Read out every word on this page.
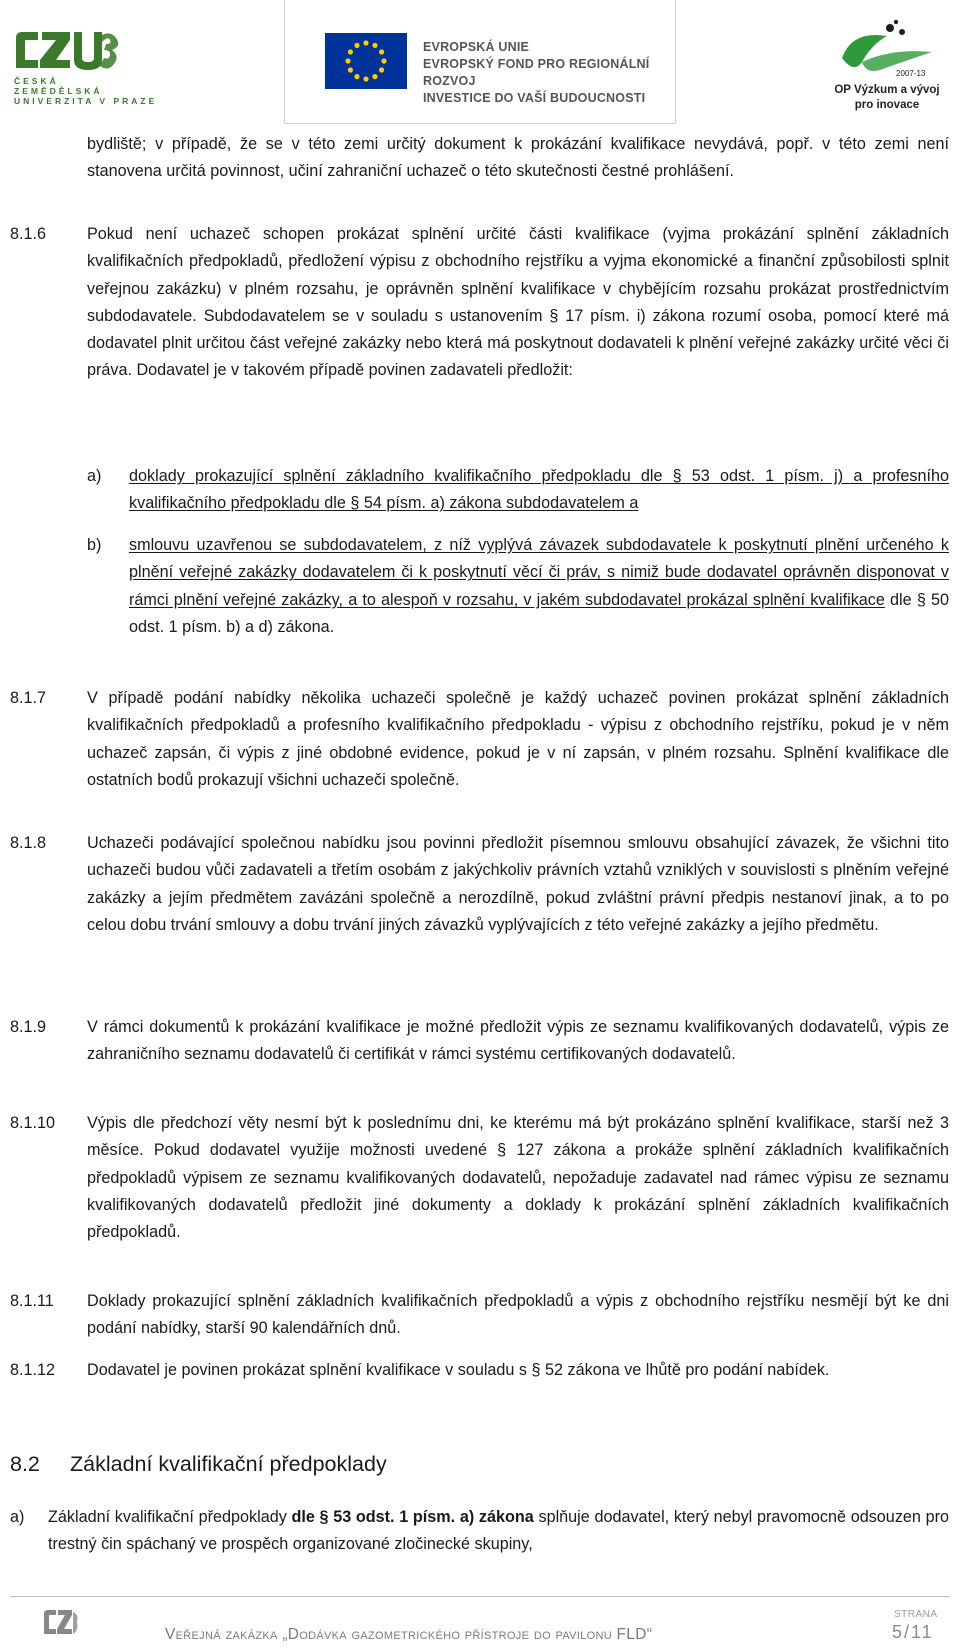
ČESKÁ
ZEMĚDĚLSKÁ
UNIVERZITA V PRAZE
EVROPSKÁ UNIE
EVROPSKÝ FOND PRO REGIONÁLNÍ ROZVOJ
INVESTICE DO VAŠÍ BUDOUCNOSTI
2007-13
OP Výzkum a vývoj
pro inovace

bydliště; v případě, že se v této zemi určitý dokument k prokázání kvalifikace nevydává, popř. v této zemi není stanovena určitá povinnost, učiní zahraniční uchazeč o této skutečnosti čestné prohlášení.

8.1.6	Pokud není uchazeč schopen prokázat splnění určité části kvalifikace (vyjma prokázání splnění základních kvalifikačních předpokladů, předložení výpisu z obchodního rejstříku a vyjma ekonomické a finanční způsobilosti splnit veřejnou zakázku) v plném rozsahu, je oprávněn splnění kvalifikace v chybějícím rozsahu prokázat prostřednictvím subdodavatele. Subdodavatelem se v souladu s ustanovením § 17 písm. i) zákona rozumí osoba, pomocí které má dodavatel plnit určitou část veřejné zakázky nebo která má poskytnout dodavateli k plnění veřejné zakázky určité věci či práva. Dodavatel je v takovém případě povinen zadavateli předložit:

a) doklady prokazující splnění základního kvalifikačního předpokladu dle § 53 odst. 1 písm. j) a profesního kvalifikačního předpokladu dle § 54 písm. a) zákona subdodavatelem a

b) smlouvu uzavřenou se subdodavatelem, z níž vyplývá závazek subdodavatele k poskytnutí plnění určeného k plnění veřejné zakázky dodavatelem či k poskytnutí věcí či práv, s nimiž bude dodavatel oprávněn disponovat v rámci plnění veřejné zakázky, a to alespoň v rozsahu, v jakém subdodavatel prokázal splnění kvalifikace dle § 50 odst. 1 písm. b) a d) zákona.

8.1.7	V případě podání nabídky několika uchazeči společně je každý uchazeč povinen prokázat splnění základních kvalifikačních předpokladů a profesního kvalifikačního předpokladu - výpisu z obchodního rejstříku, pokud je v něm uchazeč zapsán, či výpis z jiné obdobné evidence, pokud je v ní zapsán, v plném rozsahu. Splnění kvalifikace dle ostatních bodů prokazují všichni uchazeči společně.

8.1.8	Uchazeči podávající společnou nabídku jsou povinni předložit písemnou smlouvu obsahující závazek, že všichni tito uchazeči budou vůči zadavateli a třetím osobám z jakýchkoliv právních vztahů vzniklých v souvislosti s plněním veřejné zakázky a jejím předmětem zavázáni společně a nerozdílně, pokud zvláštní právní předpis nestanoví jinak, a to po celou dobu trvání smlouvy a dobu trvání jiných závazků vyplývajících z této veřejné zakázky a jejího předmětu.

8.1.9	V rámci dokumentů k prokázání kvalifikace je možné předložit výpis ze seznamu kvalifikovaných dodavatelů, výpis ze zahraničního seznamu dodavatelů či certifikát v rámci systému certifikovaných dodavatelů.

8.1.10 Výpis dle předchozí věty nesmí být k poslednímu dni, ke kterému má být prokázáno splnění kvalifikace, starší než 3 měsíce. Pokud dodavatel využije možnosti uvedené § 127 zákona a prokáže splnění základních kvalifikačních předpokladů výpisem ze seznamu kvalifikovaných dodavatelů, nepožaduje zadavatel nad rámec výpisu ze seznamu kvalifikovaných dodavatelů předložit jiné dokumenty a doklady k prokázání splnění základních kvalifikačních předpokladů.

8.1.11 Doklady prokazující splnění základních kvalifikačních předpokladů a výpis z obchodního rejstříku nesmějí být ke dni podání nabídky, starší 90 kalendářních dnů.

8.1.12 Dodavatel je povinen prokázat splnění kvalifikace v souladu s § 52 zákona ve lhůtě pro podání nabídek.

8.2 Základní kvalifikační předpoklady
a) Základní kvalifikační předpoklady dle § 53 odst. 1 písm. a) zákona splňuje dodavatel, který nebyl pravomocně odsouzen pro trestný čin spáchaný ve prospěch organizované zločinecké skupiny,

Veřejná zakázka „Dodávka gazometrického přístroje do pavilonu FLD“
STRANA
5/11
